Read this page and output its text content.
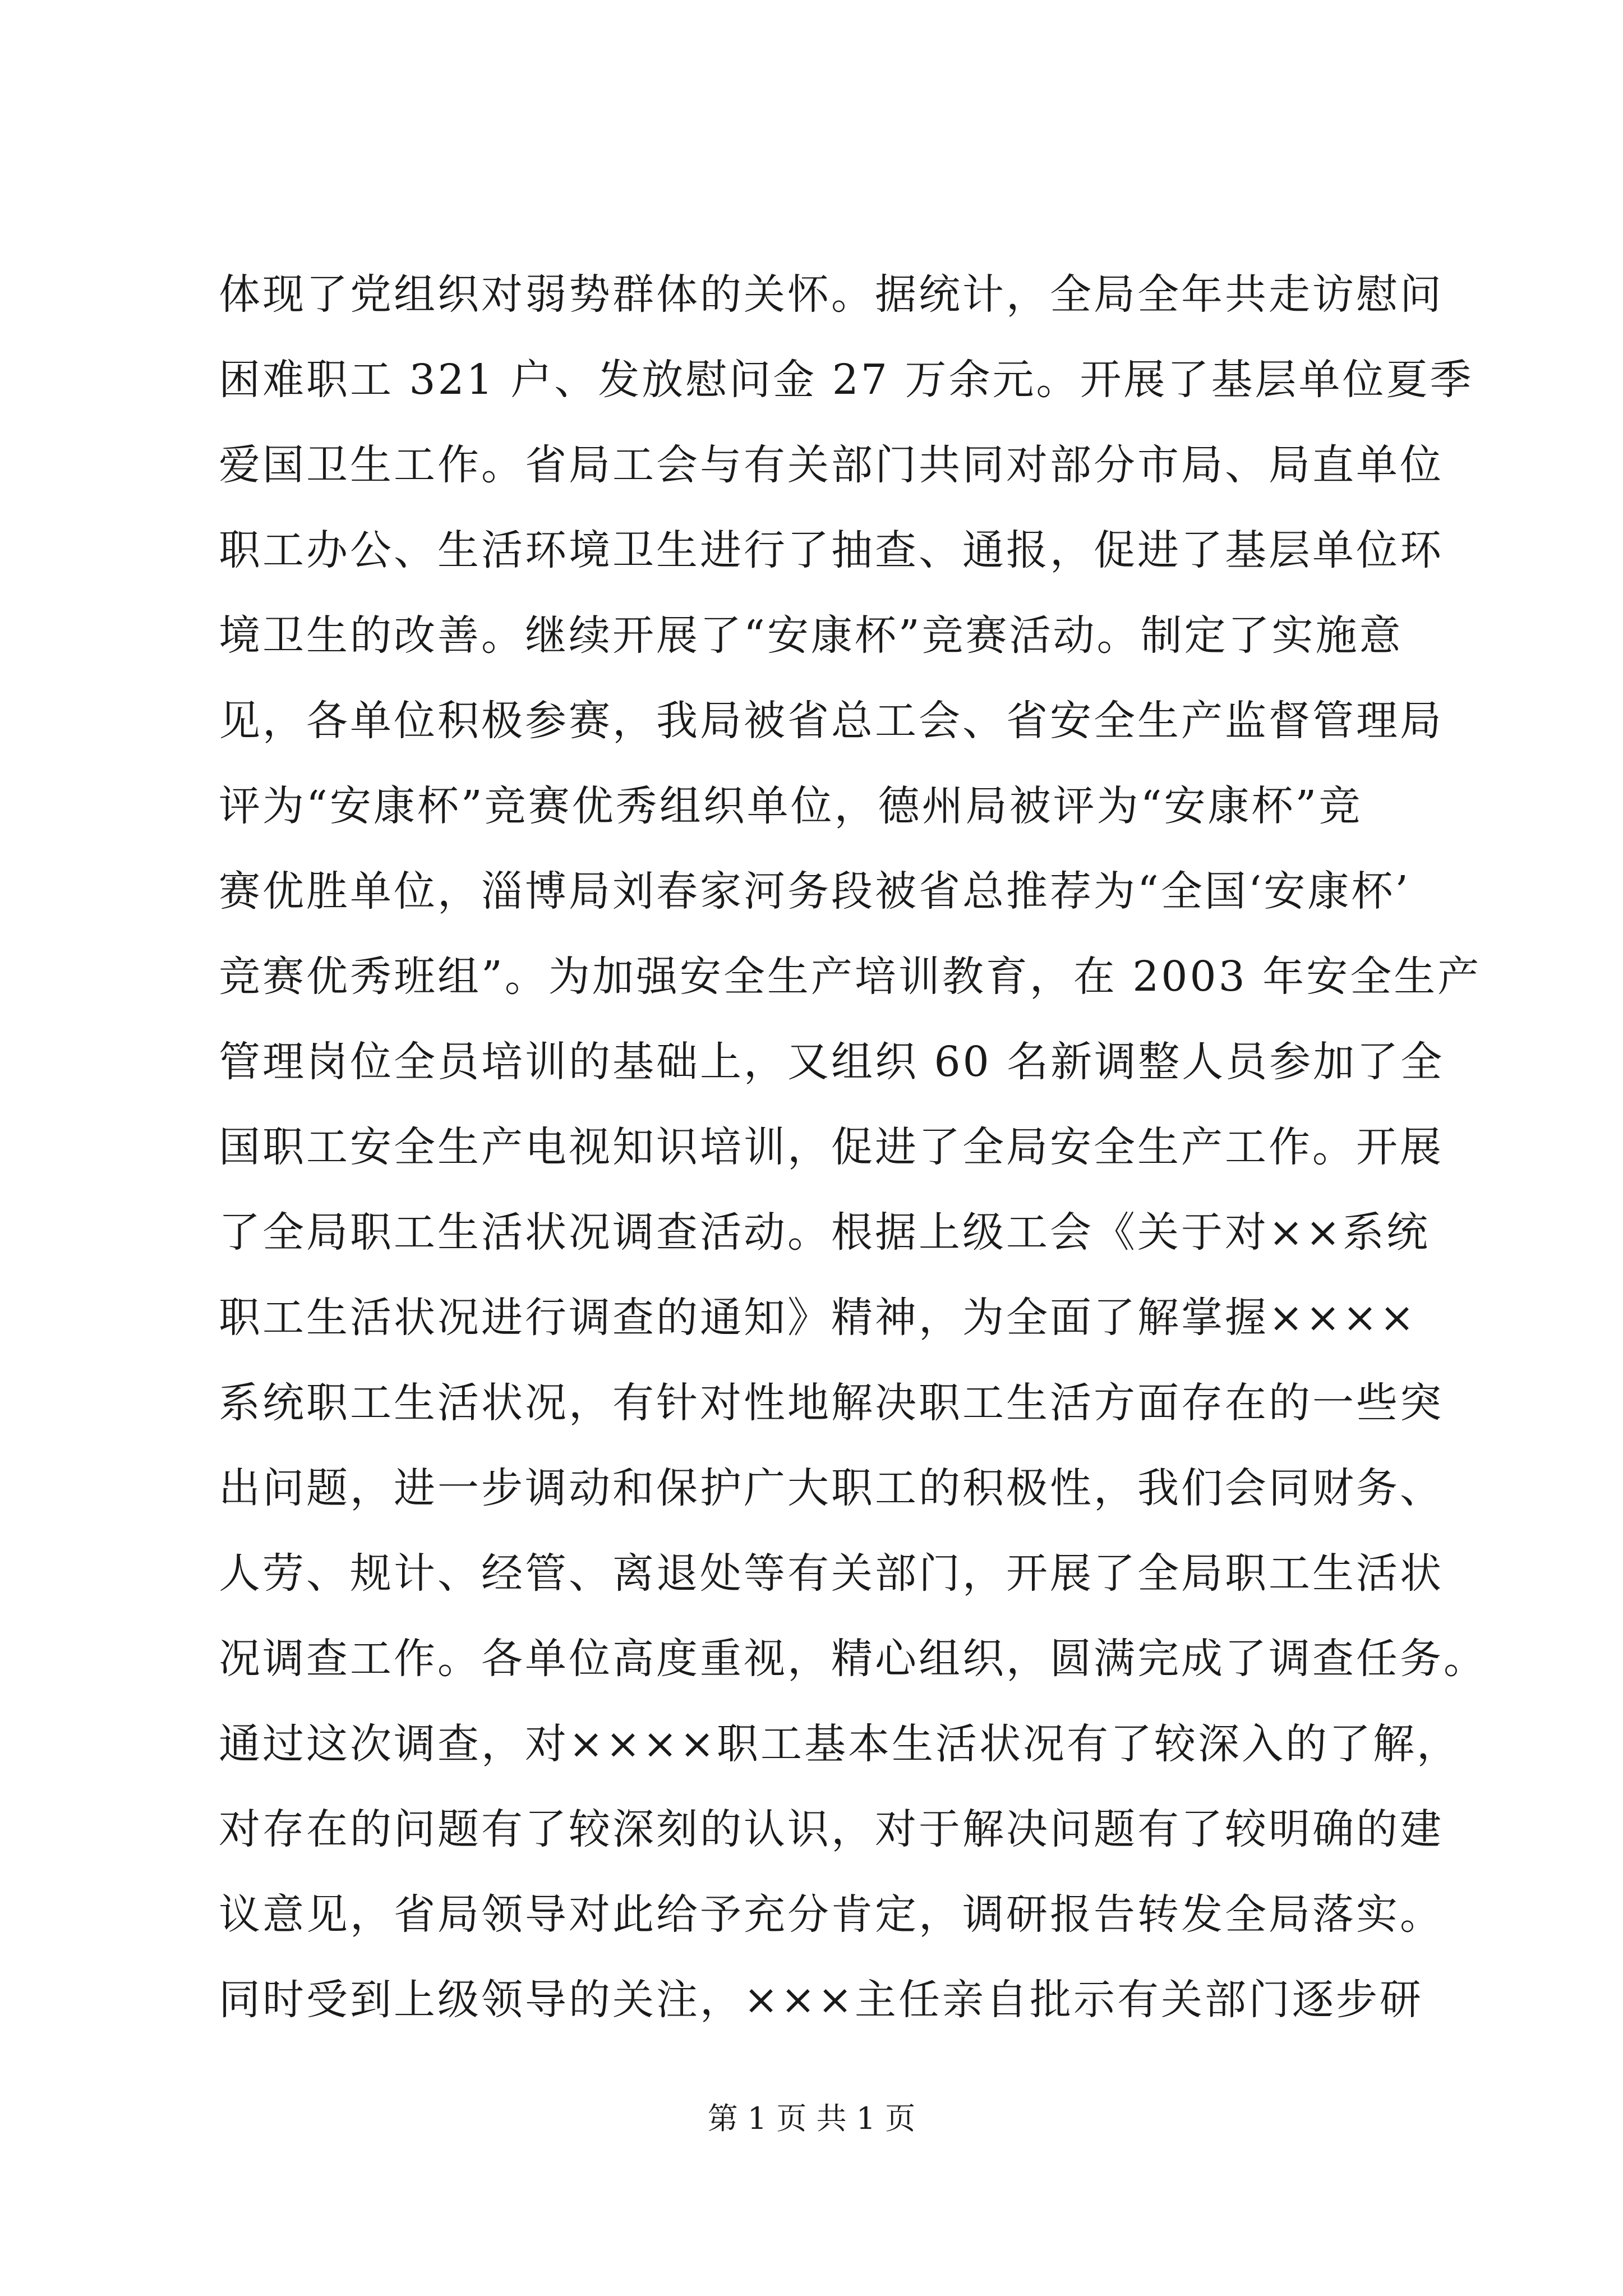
体现了党组织对弱势群体的关怀。据统计，全局全年共走访慰问
困难职工 321 户、发放慰问金 27 万余元。开展了基层单位夏季
爱国卫生工作。省局工会与有关部门共同对部分市局、局直单位
职工办公、生活环境卫生进行了抽查、通报，促进了基层单位环
境卫生的改善。继续开展了“安康杯”竞赛活动。制定了实施意
见，各单位积极参赛，我局被省总工会、省安全生产监督管理局
评为“安康杯”竞赛优秀组织单位，德州局被评为“安康杯”竞
赛优胜单位，淄博局刘春家河务段被省总推荐为“全国‘安康杯’
竞赛优秀班组”。为加强安全生产培训教育，在 2003 年安全生产
管理岗位全员培训的基础上，又组织 60 名新调整人员参加了全
国职工安全生产电视知识培训，促进了全局安全生产工作。开展
了全局职工生活状况调查活动。根据上级工会《关于对××系统
职工生活状况进行调查的通知》精神，为全面了解掌握××××
系统职工生活状况，有针对性地解决职工生活方面存在的一些突
出问题，进一步调动和保护广大职工的积极性，我们会同财务、
人劳、规计、经管、离退处等有关部门，开展了全局职工生活状
况调查工作。各单位高度重视，精心组织，圆满完成了调查任务。
通过这次调查，对××××职工基本生活状况有了较深入的了解，
对存在的问题有了较深刻的认识，对于解决问题有了较明确的建
议意见，省局领导对此给予充分肯定，调研报告转发全局落实。
同时受到上级领导的关注，×××主任亲自批示有关部门逐步研
第 1 页 共 1 页
